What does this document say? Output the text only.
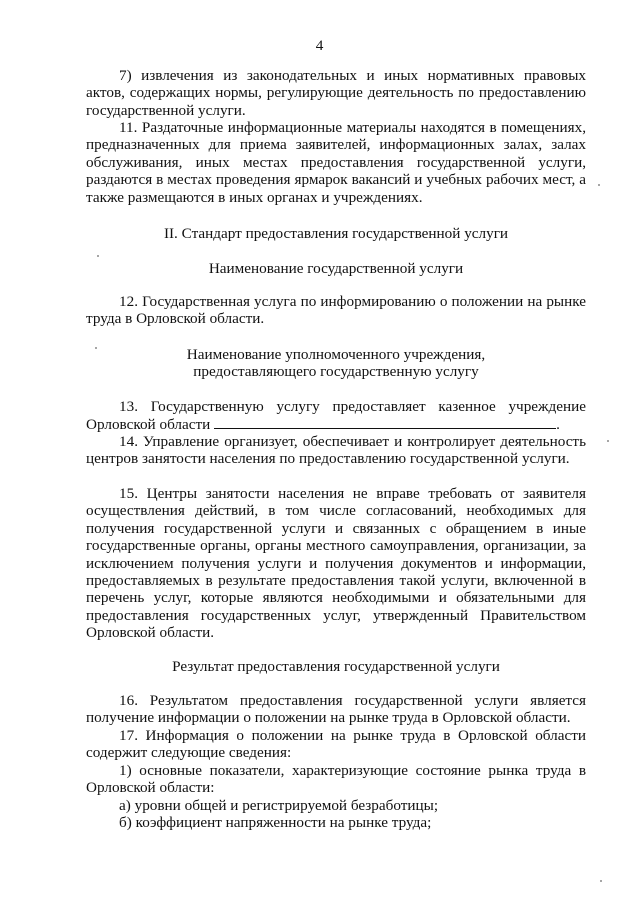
4

7) извлечения из законодательных и иных нормативных правовых актов, содержащих нормы, регулирующие деятельность по предоставлению государственной услуги.

11. Раздаточные информационные материалы находятся в помещениях, предназначенных для приема заявителей, информационных залах, залах обслуживания, иных местах предоставления государственной услуги, раздаются в местах проведения ярмарок вакансий и учебных рабочих мест, а также размещаются в иных органах и учреждениях.

II. Стандарт предоставления государственной услуги

Наименование государственной услуги

12. Государственная услуга по информированию о положении на рынке труда в Орловской области.

Наименование уполномоченного учреждения,
предоставляющего государственную услугу
13. Государственную услугу предоставляет казенное учреждение
Орловской области	.

14. Управление организует, обеспечивает и контролирует деятельность центров занятости населения по предоставлению государственной услуги.

15. Центры занятости населения не вправе требовать от заявителя осуществления действий, в том числе согласований, необходимых для получения государственной услуги и связанных с обращением в иные государственные органы, органы местного самоуправления, организации, за исключением получения услуги и получения документов и информации, предоставляемых в результате предоставления такой услуги, включенной в перечень услуг, которые являются необходимыми и обязательными для предоставления государственных услуг, утвержденный Правительством Орловской области.

Результат предоставления государственной услуги

16. Результатом предоставления государственной услуги является получение информации о положении на рынке труда в Орловской области.

17. Информация о положении на рынке труда в Орловской области содержит следующие сведения:

1) основные показатели, характеризующие состояние рынка труда в Орловской области:

а) уровни общей и регистрируемой безработицы;

б) коэффициент напряженности на рынке труда;
